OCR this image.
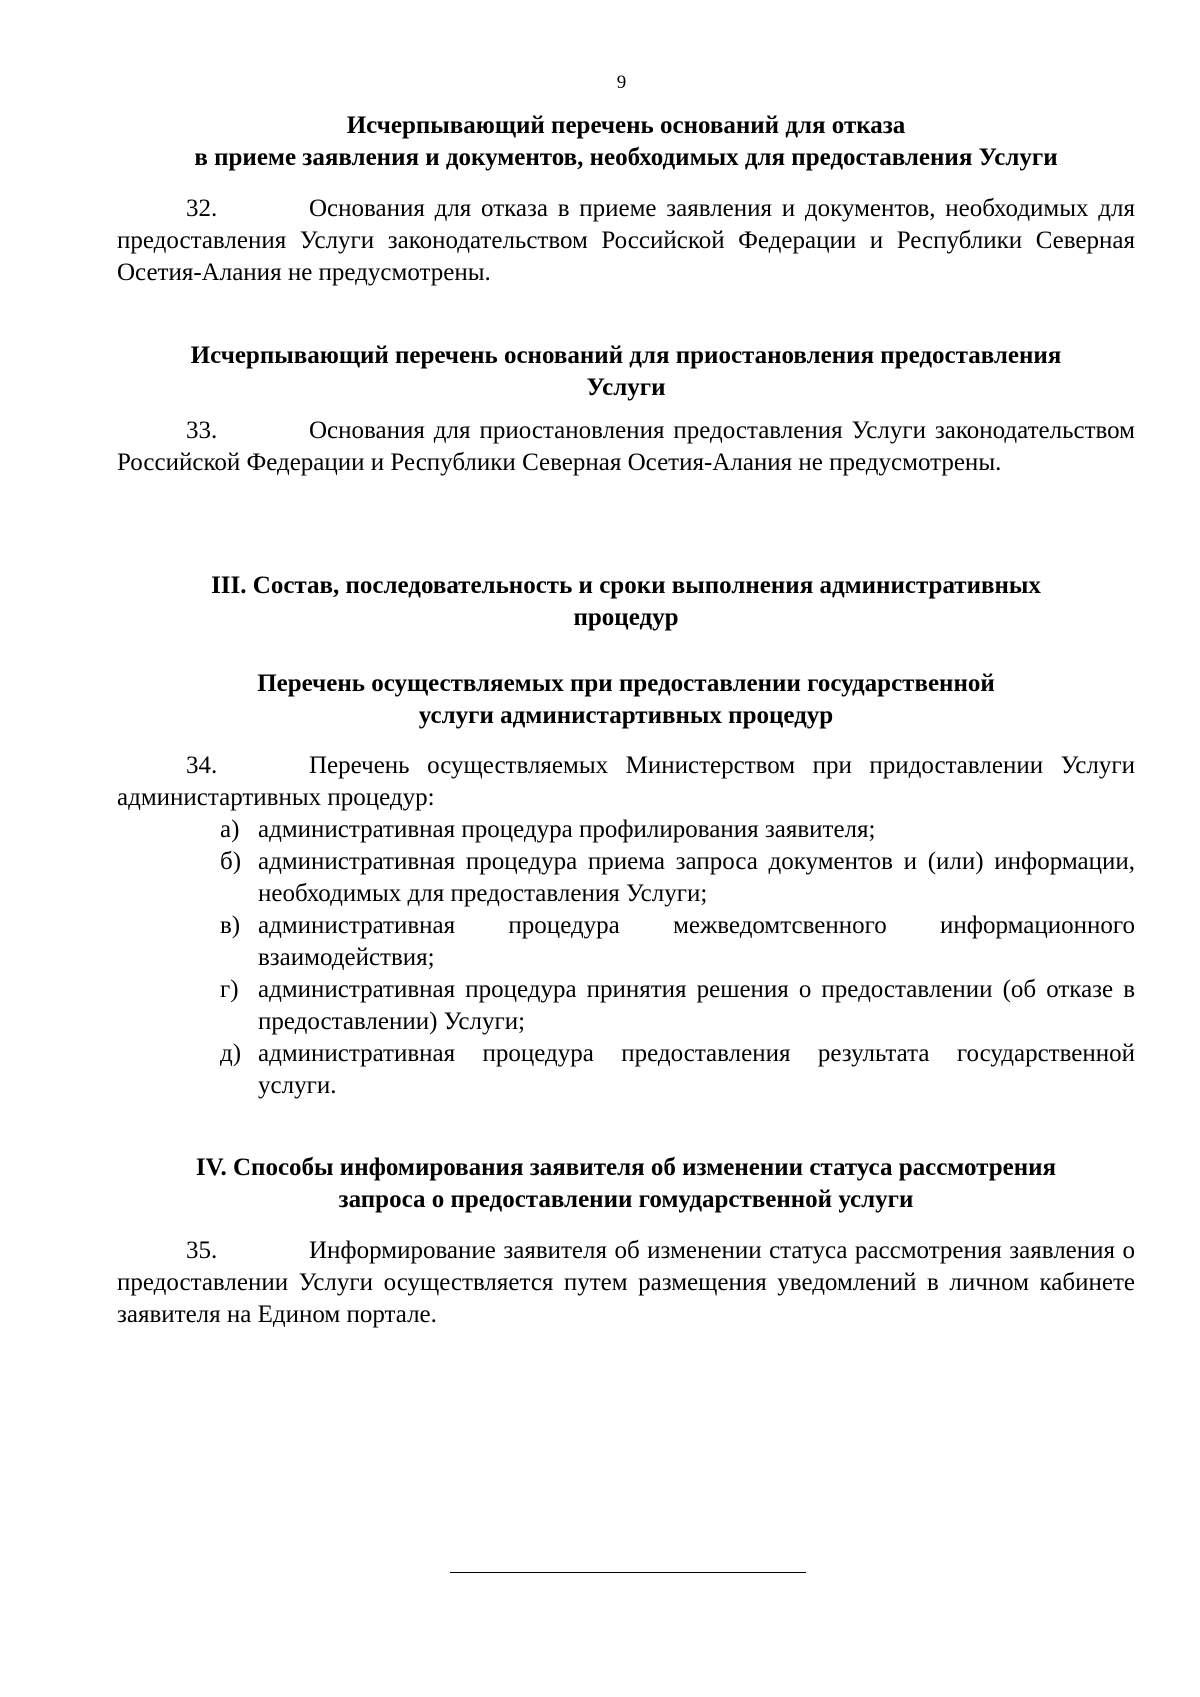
9
Исчерпывающий перечень оснований для отказа
в приеме заявления и документов, необходимых для предоставления Услуги

32.	Основания для отказа в приеме заявления и документов, необходимых для предоставления Услуги законодательством Российской Федерации и Республики Северная Осетия-Алания не предусмотрены.

Исчерпывающий перечень оснований для приостановления предоставления
Услуги

33.	Основания для приостановления предоставления Услуги законодательством Российской Федерации и Республики Северная Осетия-Алания не предусмотрены.

III. Состав, последовательность и сроки выполнения административных
процедур
Перечень осуществляемых при предоставлении государственной
услуги администартивных процедур

34.	Перечень осуществляемых Министерством при придоставлении Услуги администартивных процедур:

а) административная процедура профилирования заявителя;
б) административная процедура приема запроса документов и (или) информации, необходимых для предоставления Услуги;
в) административная процедура межведомтсвенного информационного взаимодействия;
г) административная процедура принятия решения о предоставлении (об отказе в предоставлении) Услуги;
д) административная процедура предоставления результата государственной услуги.
IV. Способы инфомирования заявителя об изменении статуса рассмотрения
запроса о предоставлении гомударственной услуги

35.	Информирование заявителя об изменении статуса рассмотрения заявления о предоставлении Услуги осуществляется путем размещения уведомлений в личном кабинете заявителя на Едином портале.
